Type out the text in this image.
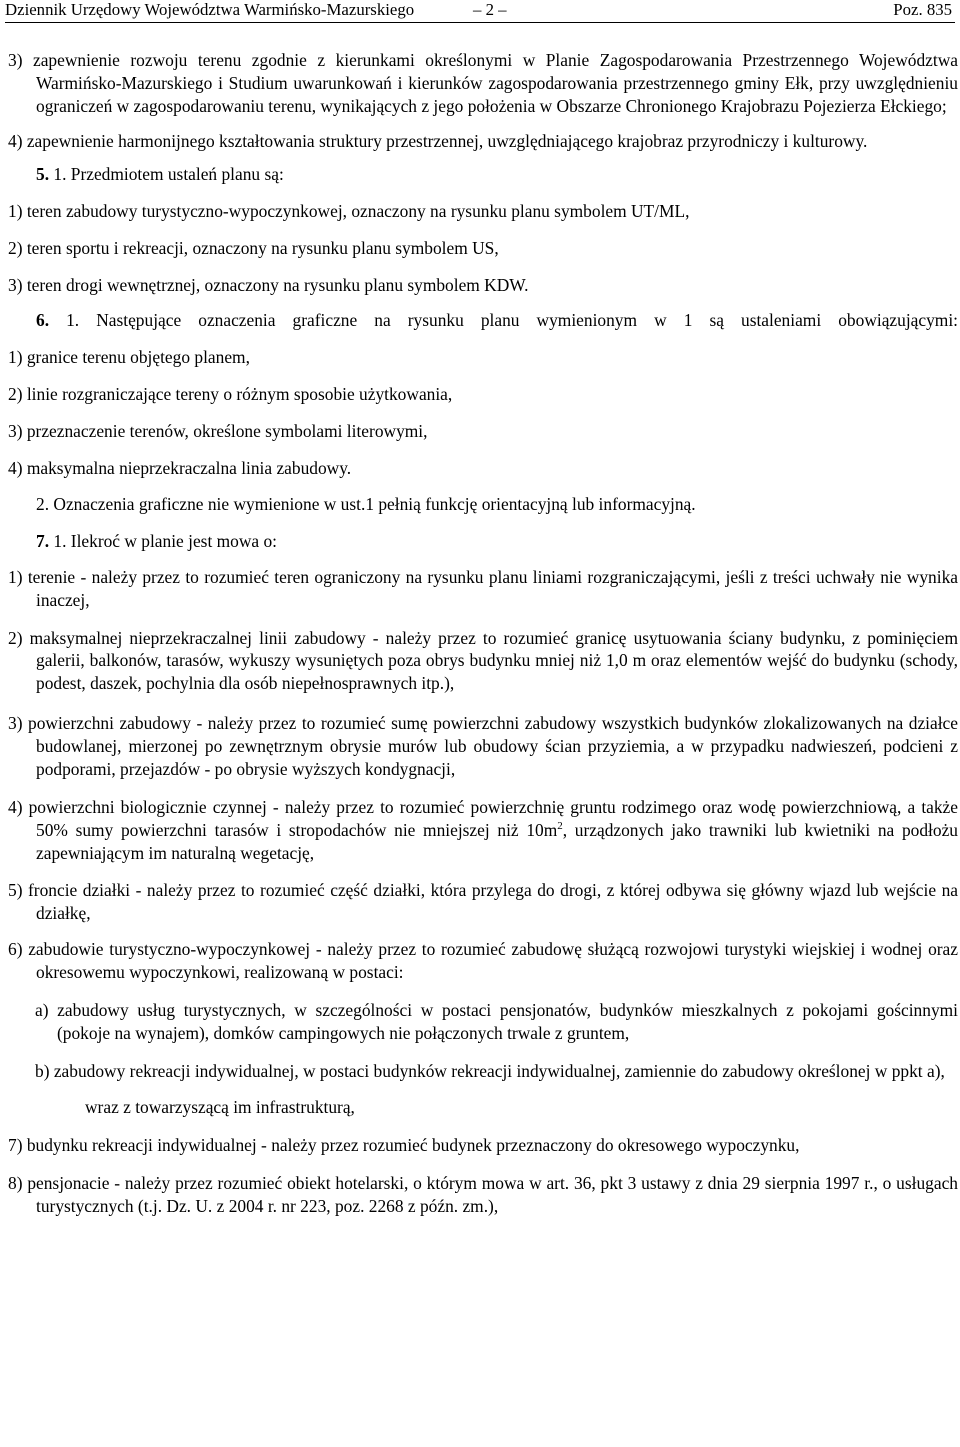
Dziennik Urzędowy Województwa Warmińsko-Mazurskiego	– 2 –	Poz. 835
3) zapewnienie rozwoju terenu zgodnie z kierunkami określonymi w Planie Zagospodarowania Przestrzennego Województwa Warmińsko-Mazurskiego i Studium uwarunkowań i kierunków zagospodarowania przestrzennego gminy Ełk, przy uwzględnieniu ograniczeń w zagospodarowaniu terenu, wynikających z jego położenia w Obszarze Chronionego Krajobrazu Pojezierza Ełckiego;
4) zapewnienie harmonijnego kształtowania struktury przestrzennej, uwzględniającego krajobraz przyrodniczy i kulturowy.
5. 1. Przedmiotem ustaleń planu są:
1) teren zabudowy turystyczno-wypoczynkowej, oznaczony na rysunku planu symbolem UT/ML,
2) teren sportu i rekreacji, oznaczony na rysunku planu symbolem US,
3) teren drogi wewnętrznej, oznaczony na rysunku planu symbolem KDW.
6. 1. Następujące oznaczenia graficzne na rysunku planu wymienionym w 1 są ustaleniami obowiązującymi:
1) granice terenu objętego planem,
2) linie rozgraniczające tereny o różnym sposobie użytkowania,
3) przeznaczenie terenów, określone symbolami literowymi,
4) maksymalna nieprzekraczalna linia zabudowy.
2. Oznaczenia graficzne nie wymienione w ust.1 pełnią funkcję orientacyjną lub informacyjną.
7. 1. Ilekroć w planie jest mowa o:
1) terenie - należy przez to rozumieć teren ograniczony na rysunku planu liniami rozgraniczającymi, jeśli z treści uchwały nie wynika inaczej,
2) maksymalnej nieprzekraczalnej linii zabudowy - należy przez to rozumieć granicę usytuowania ściany budynku, z pominięciem galerii, balkonów, tarasów, wykuszy wysuniętych poza obrys budynku mniej niż 1,0 m oraz elementów wejść do budynku (schody, podest, daszek, pochylnia dla osób niepełnosprawnych itp.),
3) powierzchni zabudowy - należy przez to rozumieć sumę powierzchni zabudowy wszystkich budynków zlokalizowanych na działce budowlanej, mierzonej po zewnętrznym obrysie murów lub obudowy ścian przyziemia, a w przypadku nadwieszeń, podcieni z podporami, przejazdów - po obrysie wyższych kondygnacji,
4) powierzchni biologicznie czynnej - należy przez to rozumieć powierzchnię gruntu rodzimego oraz wodę powierzchniową, a także 50% sumy powierzchni tarasów i stropodachów nie mniejszej niż $10m^2$, urządzonych jako trawniki lub kwietniki na podłożu zapewniającym im naturalną wegetację,
5) froncie działki - należy przez to rozumieć część działki, która przylega do drogi, z której odbywa się główny wjazd lub wejście na działkę,
6) zabudowie turystyczno-wypoczynkowej - należy przez to rozumieć zabudowę służącą rozwojowi turystyki wiejskiej i wodnej oraz okresowemu wypoczynkowi, realizowaną w postaci:
a) zabudowy usług turystycznych, w szczególności w postaci pensjonatów, budynków mieszkalnych z pokojami gościnnymi (pokoje na wynajem), domków campingowych nie połączonych trwale z gruntem,
b) zabudowy rekreacji indywidualnej, w postaci budynków rekreacji indywidualnej, zamiennie do zabudowy określonej w ppkt a),
wraz z towarzyszącą im infrastrukturą,
7) budynku rekreacji indywidualnej - należy przez rozumieć budynek przeznaczony do okresowego wypoczynku,
8) pensjonacie - należy przez rozumieć obiekt hotelarski, o którym mowa w art. 36, pkt 3 ustawy z dnia 29 sierpnia 1997 r., o usługach turystycznych (t.j. Dz. U. z 2004 r. nr 223, poz. 2268 z późn. zm.),
